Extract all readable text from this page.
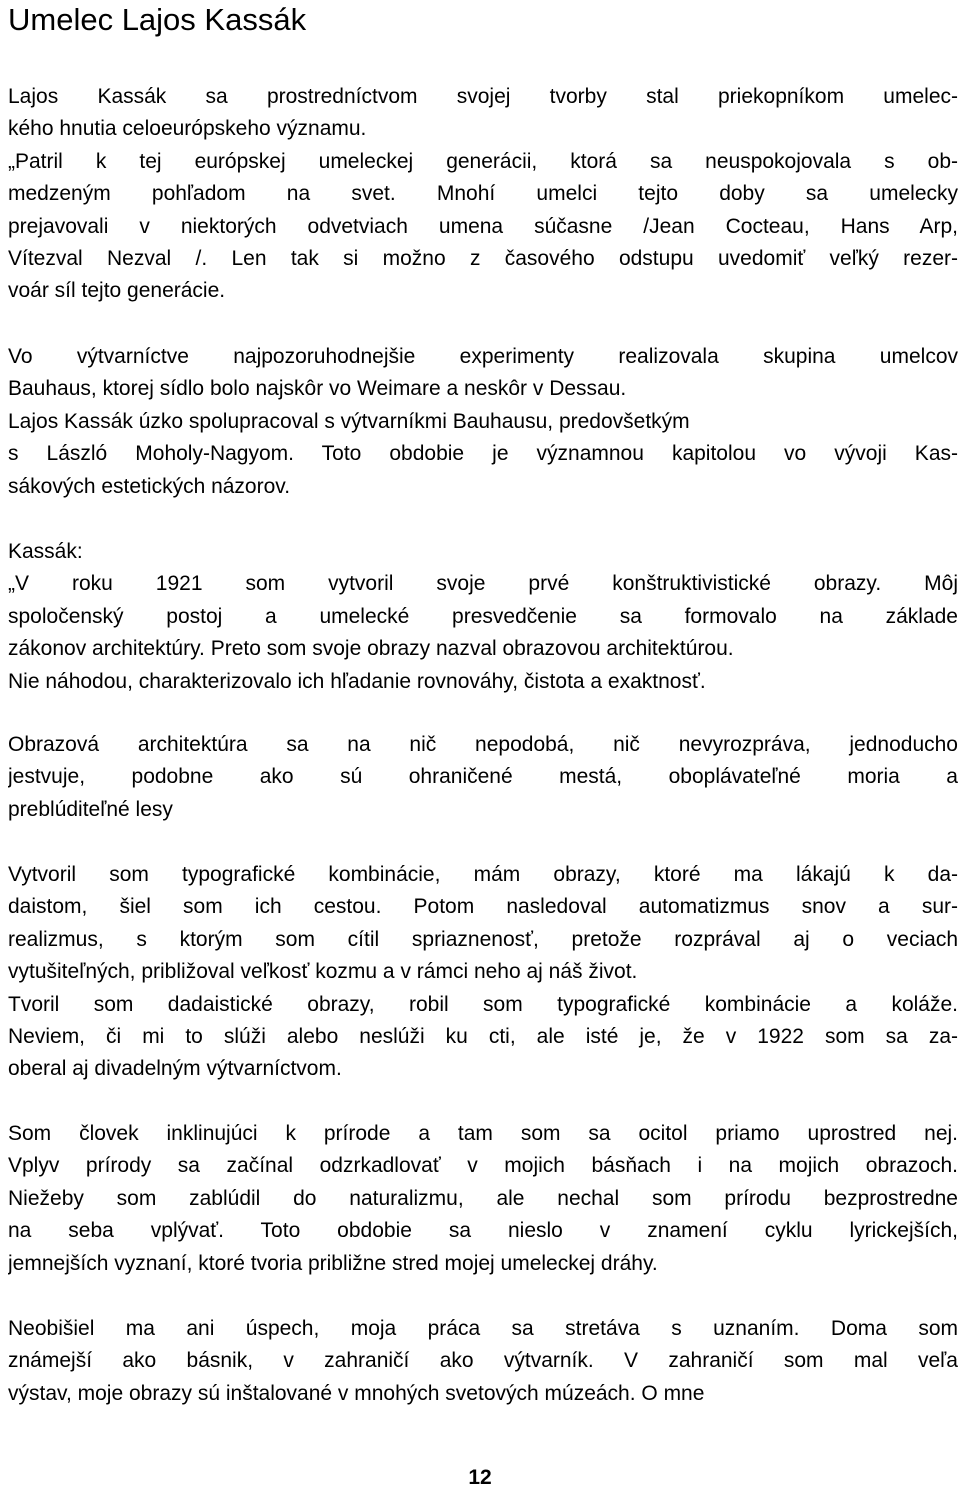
Umelec Lajos Kassák
Lajos Kassák sa prostredníctvom svojej tvorby stal priekopníkom umelec-
kého hnutia celoeurópskeho významu.
„Patril k tej európskej umeleckej generácii, ktorá sa neuspokojovala s ob-
medzeným pohľadom na svet. Mnohí umelci tejto doby sa umelecky
prejavovali v niektorých odvetviach umena súčasne /Jean Cocteau, Hans Arp,
Vítezval Nezval /. Len tak si možno z časového odstupu uvedomiť veľký rezer-
voár síl tejto generácie.
Vo výtvarníctve najpozoruhodnejšie experimenty realizovala skupina umelcov
Bauhaus, ktorej sídlo bolo najskôr vo Weimare a neskôr v Dessau.
Lajos Kassák úzko spolupracoval s výtvarníkmi Bauhausu, predovšetkým
s László Moholy-Nagyom. Toto obdobie je významnou kapitolou vo vývoji Kas-
sákových estetických názorov.
Kassák:
„V roku 1921 som vytvoril svoje prvé konštruktivistické obrazy. Môj
spoločenský postoj a umelecké presvedčenie sa formovalo na základe
zákonov architektúry. Preto som svoje obrazy nazval obrazovou architektúrou.
Nie náhodou, charakterizovalo ich hľadanie rovnováhy, čistota a exaktnosť.
Obrazová architektúra sa na nič nepodobá, nič nevyrozpráva, jednoducho
jestvuje, podobne ako sú ohraničené mestá, oboplávateľné moria a
preblúditeľné lesy
Vytvoril som typografické kombinácie, mám obrazy, ktoré ma lákajú k da-
daistom, šiel som ich cestou. Potom nasledoval automatizmus snov a sur-
realizmus, s ktorým som cítil spriaznenosť, pretože rozprával aj o veciach
vytušiteľných, približoval veľkosť kozmu a v rámci neho aj náš život.
Tvoril som dadaistické obrazy, robil som typografické kombinácie a koláže.
Neviem, či mi to slúži alebo neslúži ku cti, ale isté je, že v 1922 som sa za-
oberal aj divadelným výtvarníctvom.
Som človek inklinujúci k prírode a tam som sa ocitol priamo uprostred nej.
Vplyv prírody sa začínal odzrkadlovať v mojich básňach i na mojich obrazoch.
Niežeby som zablúdil do naturalizmu, ale nechal som prírodu bezprostredne
na seba vplývať. Toto obdobie sa nieslo v znamení cyklu lyrickejších,
jemnejších vyznaní, ktoré tvoria približne stred mojej umeleckej dráhy.
Neobišiel ma ani úspech, moja práca sa stretáva s uznaním. Doma som
známejší ako básnik, v zahraničí ako výtvarník. V zahraničí som mal veľa
výstav, moje obrazy sú inštalované v mnohých svetových múzeách. O mne
12
